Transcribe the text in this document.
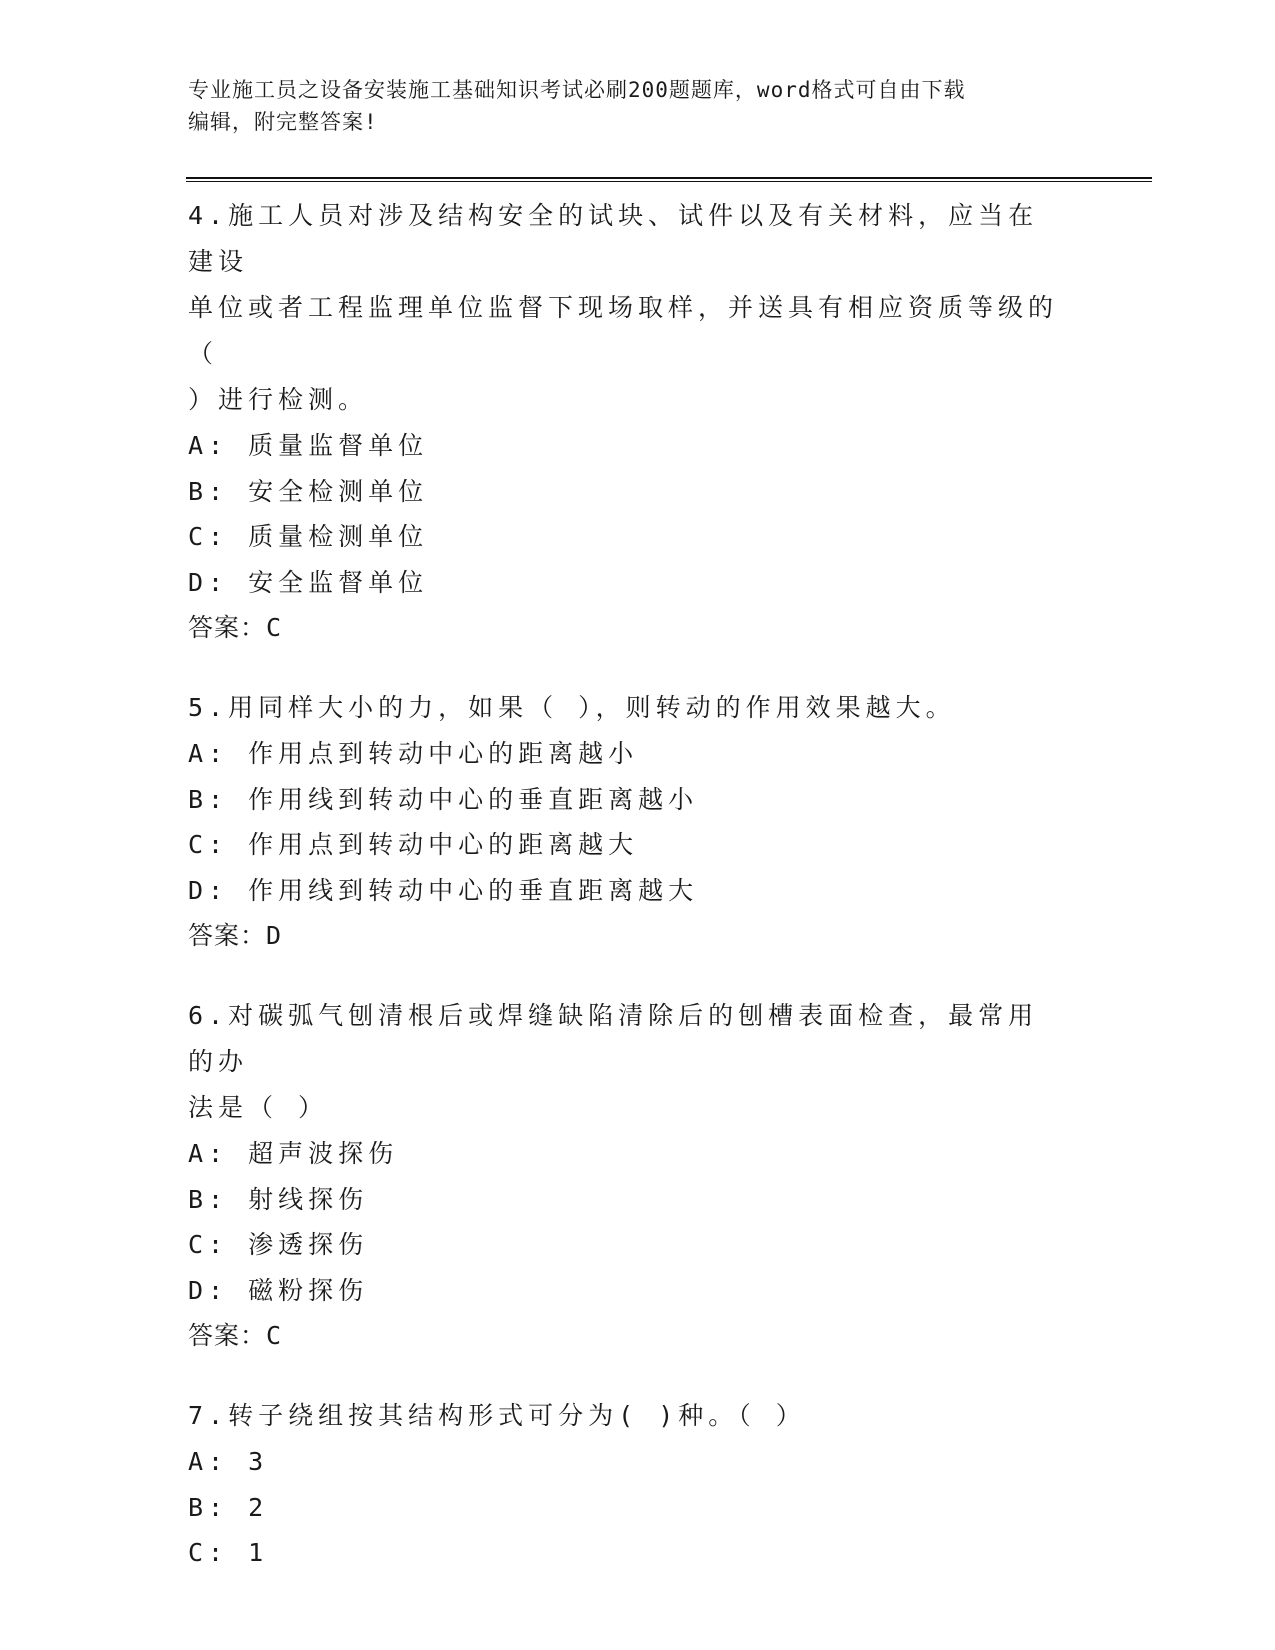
专业施工员之设备安装施工基础知识考试必刷200题题库，word格式可自由下载
编辑，附完整答案!
4.施工人员对涉及结构安全的试块、试件以及有关材料，应当在建设
单位或者工程监理单位监督下现场取样，并送具有相应资质等级的（
）进行检测。
A: 质量监督单位
B: 安全检测单位
C: 质量检测单位
D: 安全监督单位
答案：C
5.用同样大小的力，如果（ ），则转动的作用效果越大。
A: 作用点到转动中心的距离越小
B: 作用线到转动中心的垂直距离越小
C: 作用点到转动中心的距离越大
D: 作用线到转动中心的垂直距离越大
答案：D
6.对碳弧气刨清根后或焊缝缺陷清除后的刨槽表面检查，最常用的办
法是（ ）
A: 超声波探伤
B: 射线探伤
C: 渗透探伤
D: 磁粉探伤
答案：C
7.转子绕组按其结构形式可分为( )种。（ ）
A: 3
B: 2
C: 1
